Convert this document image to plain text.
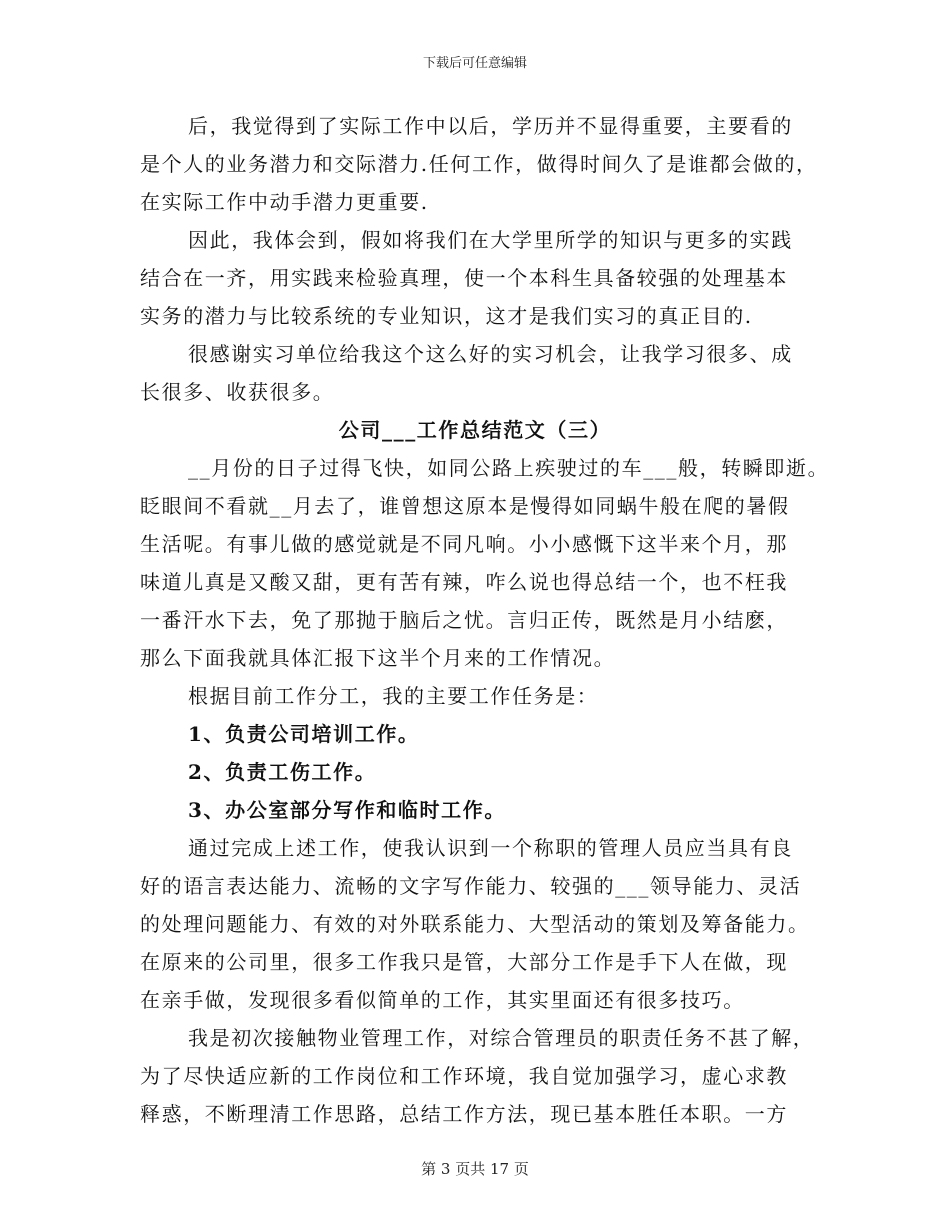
下载后可任意编辑
后，我觉得到了实际工作中以后，学历并不显得重要，主要看的
是个人的业务潜力和交际潜力.任何工作，做得时间久了是谁都会做的，
在实际工作中动手潜力更重要.
因此，我体会到，假如将我们在大学里所学的知识与更多的实践
结合在一齐，用实践来检验真理，使一个本科生具备较强的处理基本
实务的潜力与比较系统的专业知识，这才是我们实习的真正目的.
很感谢实习单位给我这个这么好的实习机会，让我学习很多、成
长很多、收获很多。
公司___工作总结范文（三）
__月份的日子过得飞快，如同公路上疾驶过的车___般，转瞬即逝。
眨眼间不看就__月去了，谁曾想这原本是慢得如同蜗牛般在爬的暑假
生活呢。有事儿做的感觉就是不同凡响。小小感慨下这半来个月，那
味道儿真是又酸又甜，更有苦有辣，咋么说也得总结一个，也不枉我
一番汗水下去，免了那抛于脑后之忧。言归正传，既然是月小结麽，
那么下面我就具体汇报下这半个月来的工作情况。
根据目前工作分工，我的主要工作任务是：
1、负责公司培训工作。
2、负责工伤工作。
3、办公室部分写作和临时工作。
通过完成上述工作，使我认识到一个称职的管理人员应当具有良
好的语言表达能力、流畅的文字写作能力、较强的___领导能力、灵活
的处理问题能力、有效的对外联系能力、大型活动的策划及筹备能力。
在原来的公司里，很多工作我只是管，大部分工作是手下人在做，现
在亲手做，发现很多看似简单的工作，其实里面还有很多技巧。
我是初次接触物业管理工作，对综合管理员的职责任务不甚了解，
为了尽快适应新的工作岗位和工作环境，我自觉加强学习，虚心求教
释惑，不断理清工作思路，总结工作方法，现已基本胜任本职。一方
第 3 页共 17 页
